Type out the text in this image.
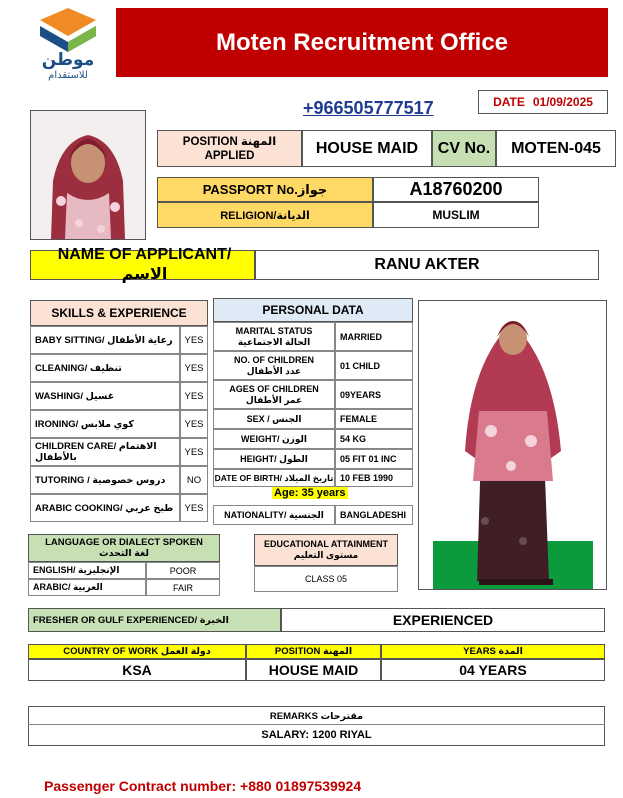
موطن
للاستقدام
Moten Recruitment Office
+966505777517	DATE 01/09/2025
POSITION المهنة
APPLIED	HOUSE MAID	CV No.	MOTEN-045
PASSPORT No.جواز	A18760200
RELIGION/الديانة	MUSLIM
NAME OF APPLICANT/ الاسم
RANU AKTER
SKILLS & EXPERIENCE
BABY SITTING/ رعاية الأطفال	YES
CLEANING/ تنظيف	YES
WASHING/ غسيل	YES
IRONING/ كوي ملابس	YES
CHILDREN CARE/ الاهتمام بالأطفال	YES
TUTORING / دروس خصوصية	NO
ARABIC COOKING/ طبخ عربي	YES
PERSONAL DATA
MARITAL STATUS
الحالة الاجتماعية	MARRIED
NO. OF CHILDREN
عدد الأطفال	01 CHILD
AGES OF CHILDREN
عمر الأطفال	09YEARS
SEX / الجنس	FEMALE
WEIGHT/ الوزن	54 KG
HEIGHT/ الطول	05 FIT 01 INC
DATE OF BIRTH/ تاريخ الميلاد 10 FEB 1990
Age: 35 years
NATIONALITY/ الجنسية	BANGLADESHI
LANGUAGE OR DIALECT SPOKEN
لغة التحدث
ENGLISH/ الإنجليزية	POOR
ARABIC/ العربية	FAIR
EDUCATIONAL ATTAINMENT
مستوى التعليم
CLASS 05
FRESHER OR GULF EXPERIENCED/ الخبرة	EXPERIENCED
COUNTRY OF WORK دولة العمل	POSITION المهنة	YEARS المدة
KSA	HOUSE MAID	04 YEARS
REMARKS مقترحات
SALARY: 1200 RIYAL
Passenger Contract number: +880 01897539924
